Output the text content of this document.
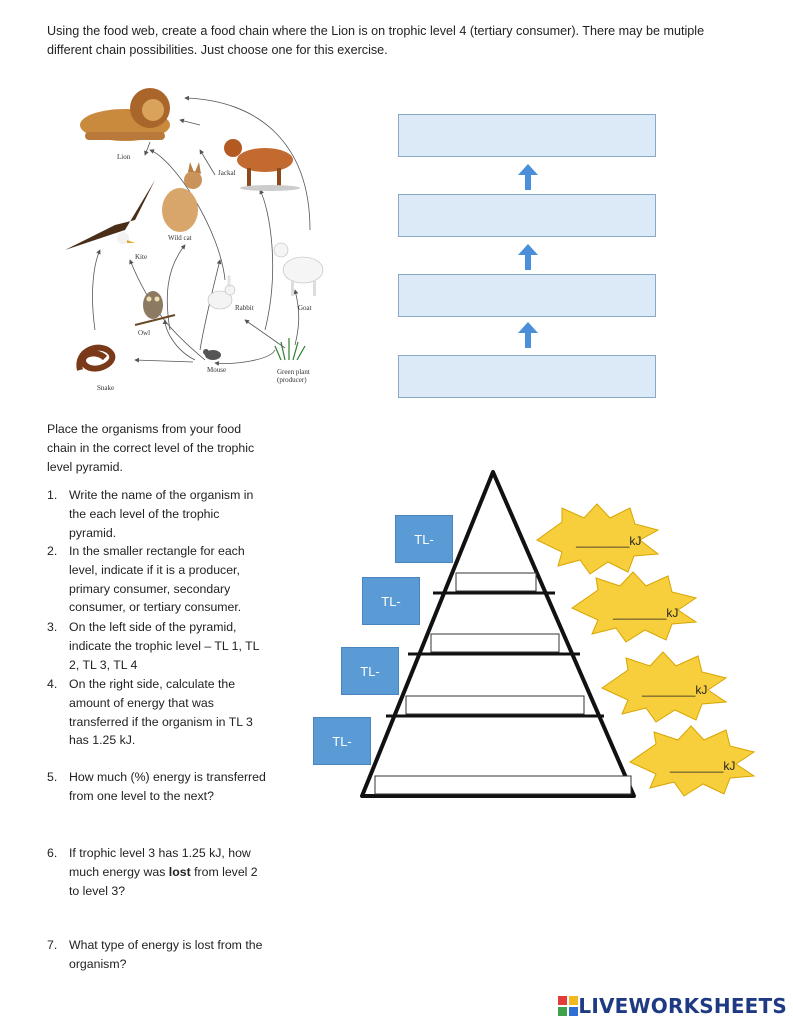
Using the food web, create a food chain where the Lion is on trophic level 4 (tertiary consumer). There may be mutiple
different chain possibilities. Just choose one for this exercise.
Lion
Jackal
Wild cat
Kite
Goat
Rabbit
Owl
Snake
Mouse	Green plant
(producer)
Place the organisms from your food
chain in the correct level of the trophic
level pyramid.
1. Write the name of the organism in
the each level of the trophic
pyramid.
2. In the smaller rectangle for each
level, indicate if it is a producer,
primary consumer, secondary
consumer, or tertiary consumer.
3. On the left side of the pyramid,
indicate the trophic level – TL 1, TL
2, TL 3, TL 4
4. On the right side, calculate the
amount of energy that was
transferred if the organism in TL 3
has 1.25 kJ.
5. How much (%) energy is transferred
from one level to the next?
6. If trophic level 3 has 1.25 kJ, how
much energy was lost from level 2
to level 3?
7. What type of energy is lost from the
organism?
________kJ
________kJ
________kJ
________kJ
TL-
TL-
TL-
TL-
LIVEWORKSHEETS
